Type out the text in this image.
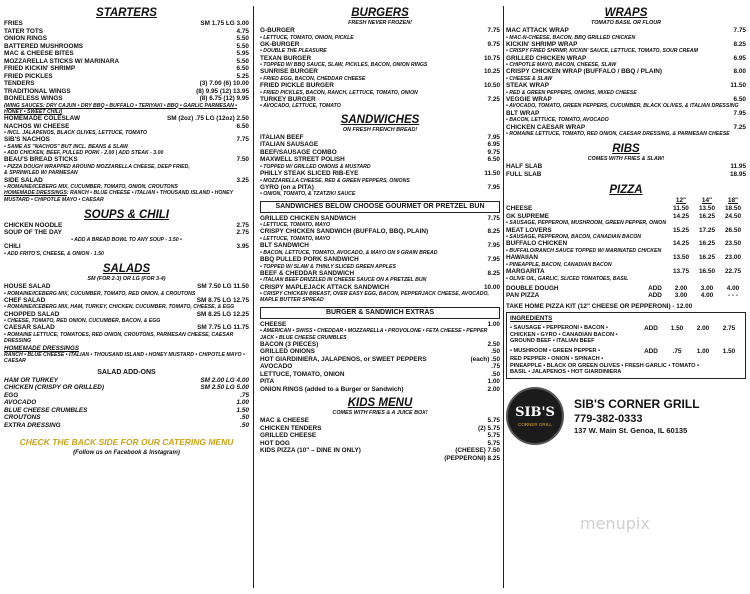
STARTERS
FRIES	SM 1.75 LG 3.00
TATER TOTS	4.75
ONION RINGS	5.50
BATTERED MUSHROOMS	5.50
MAC & CHEESE BITES	5.95
MOZZARELLA STICKS W/ MARINARA	5.50
FRIED KICKIN' SHRIMP	6.50
FRIED PICKLES	5.25
TENDERS	(3) 7.00 (6) 10.00
TRADITIONAL WINGS	(8) 9.95 (12) 13.95
BONELESS WINGS	(8) 6.75 (12) 9.95
(WING SAUCES: DRY CAJUN • DRY BBQ • BUFFALO • TERIYAKI • BBQ • GARLIC PARMESAN • HONEY • SWEET CHILI)
HOMEMADE COLESLAW	SM (2oz) .75 LG (12oz) 2.50
NACHOS W/ CHEESE	6.50
• INCL. JALAPENOS, BLACK OLIVES, LETTUCE, TOMATO
SIB'S NACHOS	7.75
• SAME AS "NACHOS" BUT INCL. BEANS & SLAW
• ADD CHICKEN, BEEF, PULLED PORK - 2.00 | ADD STEAK - 3.00
BEAU'S BREAD STICKS	7.50
• PIZZA DOUGH WRAPPED AROUND MOZZARELLA CHEESE, DEEP FRIED,
& SPRINKLED W/ PARMESAN
SIDE SALAD	3.25
• ROMAINE/ICEBERG MIX, CUCUMBER, TOMATO, ONION, CROUTONS
HOMEMADE DRESSINGS: RANCH • BLUE CHEESE • ITALIAN • THOUSAND ISLAND • HONEY MUSTARD • CHIPOTLE MAYO • CAESAR
SOUPS & CHILI
CHICKEN NOODLE	2.75
SOUP OF THE DAY	2.75
• ADD A BREAD BOWL TO ANY SOUP - 3.50 •
CHILI	3.95
• ADD FRITO'S, CHEESE, & ONION - 1.50
SALADS
SM (FOR 2-3) OR LG (FOR 3-4)
HOUSE SALAD	SM 7.50 LG 11.50
• ROMAINE/ICEBERG MIX, CUCUMBER, TOMATO, RED ONION, & CROUTONS
CHEF SALAD	SM 8.75 LG 12.75
• ROMAINE/ICEBERG MIX, HAM, TURKEY, CHICKEN, CUCUMBER, TOMATO, CHEESE, & EGG
CHOPPED SALAD	SM 8.25 LG 12.25
• CHEESE, TOMATO, RED ONION, CUCUMBER, BACON, & EGG
CAESAR SALAD	SM 7.75 LG 11.75
• ROMAINE LETTUCE, TOMATOES, RED ONION, CROUTONS, PARMESAN CHEESE, CAESAR DRESSING
HOMEMADE DRESSINGS
RANCH • BLUE CHEESE • ITALIAN • THOUSAND ISLAND • HONEY MUSTARD • CHIPOTLE MAYO • CAESAR
SALAD ADD-ONS
HAM OR TURKEY	SM 2.00 LG 4.00
CHICKEN (CRISPY OR GRILLED)	SM 2.50 LG 5.00
EGG	.75
AVOCADO	1.00
BLUE CHEESE CRUMBLES	1.50
CROUTONS	.50
EXTRA DRESSING	.50
CHECK THE BACK SIDE FOR OUR CATERING MENU
(Follow us on Facebook & Instagram)
BURGERS
FRESH NEVER FROZEN!
G-BURGER	7.75
• LETTUCE, TOMATO, ONION, PICKLE
GK-BURGER	9.75
• DOUBLE THE PLEASURE
TEXAN BURGER	10.75
• TOPPED W/ BBQ SAUCE, SLAW, PICKLES, BACON, ONION RINGS
SUNRISE BURGER	10.25
• FRIED EGG, BACON, CHEDDAR CHEESE
FRIED PICKLE BURGER	10.50
• FRIED PICKLES, BACON, RANCH, LETTUCE, TOMATO, ONION
TURKEY BURGER	7.25
• AVOCADO, LETTUCE, TOMATO
SANDWICHES
ON FRESH FRENCH BREAD!
ITALIAN BEEF	7.95
ITALIAN SAUSAGE	6.95
BEEF/SAUSAGE COMBO	9.75
MAXWELL STREET POLISH	6.50
• TOPPED W/ GRILLED ONIONS & MUSTARD
PHILLY STEAK SLICED RIB-EYE	11.50
• MOZZARELLA CHEESE, RED & GREEN PEPPERS, ONIONS
GYRO (on a PITA)	7.95
• ONION, TOMATO, & TZATZIKI SAUCE
SANDWICHES BELOW CHOOSE GOURMET OR PRETZEL BUN
GRILLED CHICKEN SANDWICH	7.75
• LETTUCE, TOMATO, MAYO
CRISPY CHICKEN SANDWICH (BUFFALO, BBQ, PLAIN)	8.25
• LETTUCE, TOMATO, MAYO
BLT SANDWICH	7.95
• BACON, LETTUCE, TOMATO, AVOCADO, & MAYO ON 9 GRAIN BREAD
BBQ PULLED PORK SANDWICH	7.95
• TOPPED W/ SLAW & THINLY SLICED GREEN APPLES
BEEF & CHEDDAR SANDWICH	8.25
• ITALIAN BEEF DRIZZLED IN CHEESE SAUCE ON A PRETZEL BUN
CRISPY MAPLEJACK ATTACK SANDWICH	10.00
• CRISPY CHICKEN BREAST, OVER EASY EGG, BACON, PEPPERJACK CHEESE, AVOCADO, MAPLE BUTTER SPREAD
BURGER & SANDWICH EXTRAS
CHEESE	1.00
• AMERICAN • SWISS • CHEDDAR • MOZZARELLA • PROVOLONE • FETA CHEESE • PEPPER JACK • BLUE CHEESE CRUMBLES
BACON (3 PIECES)	2.50
GRILLED ONIONS	.50
HOT GIARDINIERA, JALAPENOS, or SWEET PEPPERS	(each) .50
AVOCADO	.75
LETTUCE, TOMATO, ONION	.50
PITA	1.00
ONION RINGS (added to a Burger or Sandwich)	2.00
KIDS MENU
COMES WITH FRIES & A JUICE BOX!
MAC & CHEESE	5.75
CHICKEN TENDERS	(2) 5.75
GRILLED CHEESE	5.75
HOT DOG	5.75
KIDS PIZZA (10" – DINE IN ONLY)	(CHEESE) 7.50
(PEPPERONI) 8.25
WRAPS
TOMATO BASIL OR FLOUR
MAC ATTACK WRAP	7.75
• MAC-N-CHEESE, BACON, BBQ GRILLED CHICKEN
KICKIN' SHRIMP WRAP	8.25
• CRISPY FRIED SHRIMP, KICKIN' SAUCE, LETTUCE, TOMATO, SOUR CREAM
GRILLED CHICKEN WRAP	6.95
• CHIPOTLE MAYO, BACON, CHEESE, SLAW
CRISPY CHICKEN WRAP (BUFFALO / BBQ / PLAIN)	8.00
• CHEESE & SLAW
STEAK WRAP	11.50
• RED & GREEN PEPPERS, ONIONS, MIXED CHEESE
VEGGIE WRAP	6.50
• AVOCADO, TOMATO, GREEN PEPPERS, CUCUMBER, BLACK OLIVES, & ITALIAN DRESSING
BLT WRAP	7.95
• BACON, LETTUCE, TOMATO, AVOCADO
CHICKEN CAESAR WRAP	7.25
• ROMAINE LETTUCE, TOMATO, RED ONION, CAESAR DRESSING, & PARMESAN CHEESE
RIBS
COMES WITH FRIES & SLAW!
HALF SLAB	11.95
FULL SLAB	18.95
PIZZA
12"	14"	18"
CHEESE	11.50	13.50	18.50
GK SUPREME	14.25	16.25	24.50
• SAUSAGE, PEPPERONI, MUSHROOM, GREEN PEPPER, ONION
MEAT LOVERS	15.25	17.25	26.50
• SAUSAGE, PEPPERONI, BACON, CANADIAN BACON
BUFFALO CHICKEN	14.25	16.25	23.50
• BUFFALO/RANCH SAUCE TOPPED W/ MARINATED CHICKEN
HAWAIIAN	13.50	16.25	23.00
• PINEAPPLE, BACON, CANADIAN BACON
MARGARITA	13.75	16.50	22.75
• OLIVE OIL, GARLIC, SLICED TOMATOES, BASIL
DOUBLE DOUGH	ADD	2.00	3.00	4.00
PAN PIZZA	ADD	3.00	4.00	- - -
TAKE HOME PIZZA KIT (12" CHEESE OR PEPPERONI) - 12.00
INGREDIENTS
• SAUSAGE • PEPPERONI • BACON •
CHICKEN • GYRO • CANADIAN BACON •
GROUND BEEF • ITALIAN BEEF
ADD	1.50	2.00	2.75
• MUSHROOM • GREEN PEPPER •	ADD	.75	1.00	1.50
RED PEPPER • ONION • SPINACH •
PINEAPPLE • BLACK OR GREEN OLIVES • FRESH GARLIC • TOMATO •
BASIL • JALAPENOS • HOT GIARDINIERA
SIB'S
CORNER GRILL
SIB'S CORNER GRILL
779-382-0333
137 W. Main St. Genoa, IL 60135
menupix
